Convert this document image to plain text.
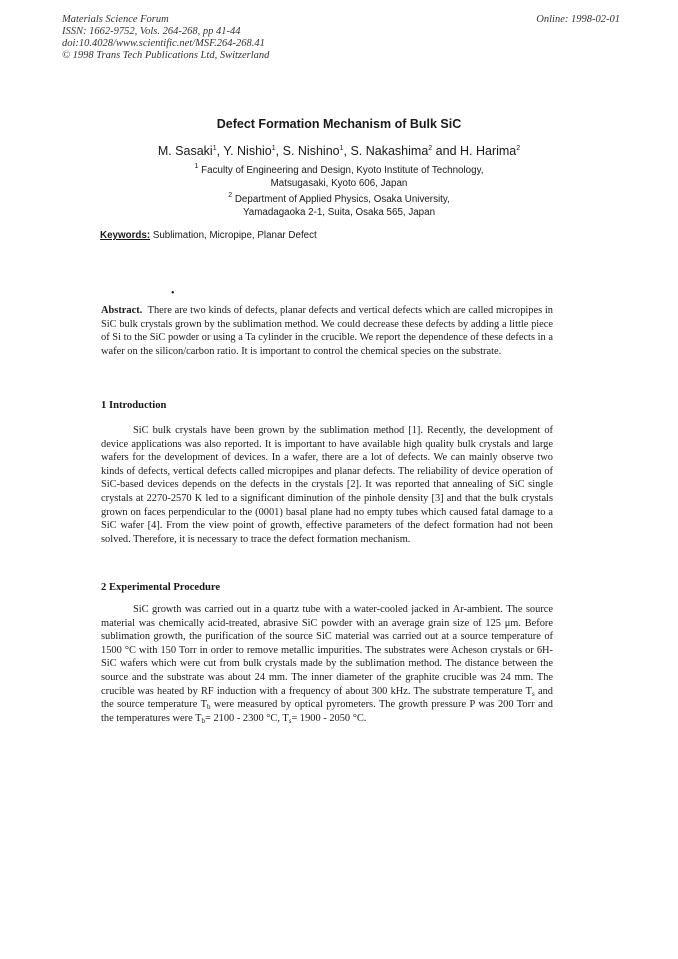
Materials Science Forum
ISSN: 1662-9752, Vols. 264-268, pp 41-44
doi:10.4028/www.scientific.net/MSF.264-268.41
© 1998 Trans Tech Publications Ltd, Switzerland
Online: 1998-02-01
Defect Formation Mechanism of Bulk SiC
M. Sasaki$^1$, Y. Nishio$^1$, S. Nishino$^1$, S. Nakashima$^2$ and H. Harima$^2$
$^1$ Faculty of Engineering and Design, Kyoto Institute of Technology,
Matsugasaki, Kyoto 606, Japan
$^2$ Department of Applied Physics, Osaka University,
Yamadagaoka 2-1, Suita, Osaka 565, Japan
Keywords: Sublimation, Micropipe, Planar Defect
•
Abstract. There are two kinds of defects, planar defects and vertical defects which are called micropipes in SiC bulk crystals grown by the sublimation method. We could decrease these defects by adding a little piece of Si to the SiC powder or using a Ta cylinder in the crucible. We report the dependence of these defects in a wafer on the silicon/carbon ratio. It is important to control the chemical species on the substrate.
1 Introduction
SiC bulk crystals have been grown by the sublimation method [1]. Recently, the development of device applications was also reported. It is important to have available high quality bulk crystals and large wafers for the development of devices. In a wafer, there are a lot of defects. We can mainly observe two kinds of defects, vertical defects called micropipes and planar defects. The reliability of device operation of SiC-based devices depends on the defects in the crystals [2]. It was reported that annealing of SiC single crystals at 2270-2570 K led to a significant diminution of the pinhole density [3] and that the bulk crystals grown on faces perpendicular to the (0001) basal plane had no empty tubes which caused fatal damage to a SiC wafer [4]. From the view point of growth, effective parameters of the defect formation had not been solved. Therefore, it is necessary to trace the defect formation mechanism.
2 Experimental Procedure
SiC growth was carried out in a quartz tube with a water-cooled jacked in Ar-ambient. The source material was chemically acid-treated, abrasive SiC powder with an average grain size of 125 μm. Before sublimation growth, the purification of the source SiC material was carried out at a source temperature of 1500 °C with 150 Torr in order to remove metallic impurities. The substrates were Acheson crystals or 6H-SiC wafers which were cut from bulk crystals made by the sublimation method. The distance between the source and the substrate was about 24 mm. The inner diameter of the graphite crucible was 24 mm. The crucible was heated by RF induction with a frequency of about 300 kHz. The substrate temperature $T_s$ and the source temperature $T_b$ were measured by optical pyrometers. The growth pressure P was 200 Torr and the temperatures were $T_b= 2100 - 2300$ °C, $T_s= 1900 - 2050$ °C.
